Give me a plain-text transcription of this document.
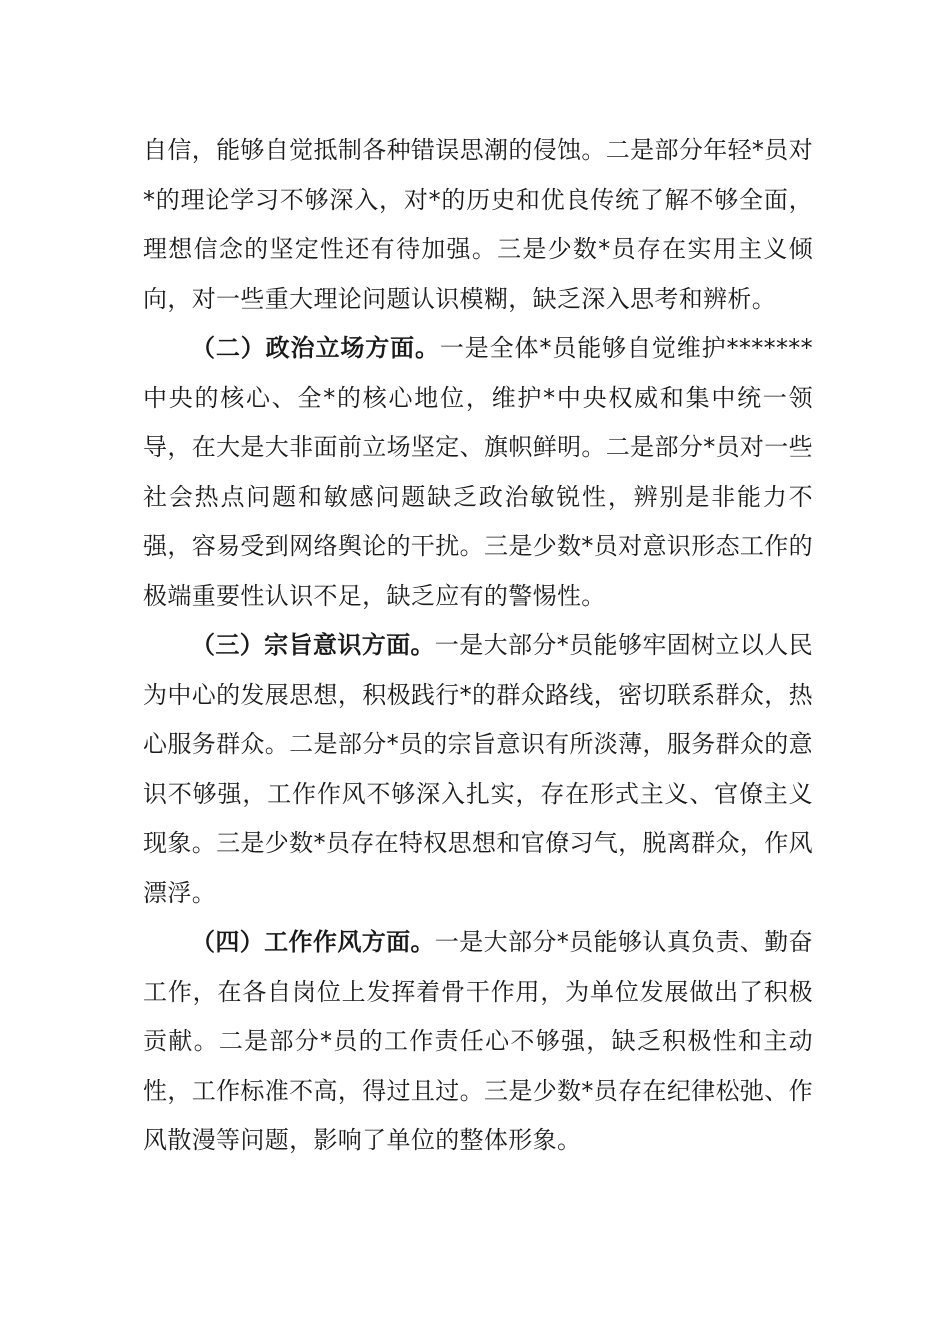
自信，能够自觉抵制各种错误思潮的侵蚀。二是部分年轻*员对*的理论学习不够深入，对*的历史和优良传统了解不够全面，理想信念的坚定性还有待加强。三是少数*员存在实用主义倾向，对一些重大理论问题认识模糊，缺乏深入思考和辨析。

（二）政治立场方面。一是全体*员能够自觉维护*******中央的核心、全*的核心地位，维护*中央权威和集中统一领导，在大是大非面前立场坚定、旗帜鲜明。二是部分*员对一些社会热点问题和敏感问题缺乏政治敏锐性，辨别是非能力不强，容易受到网络舆论的干扰。三是少数*员对意识形态工作的极端重要性认识不足，缺乏应有的警惕性。

（三）宗旨意识方面。一是大部分*员能够牢固树立以人民为中心的发展思想，积极践行*的群众路线，密切联系群众，热心服务群众。二是部分*员的宗旨意识有所淡薄，服务群众的意识不够强，工作作风不够深入扎实，存在形式主义、官僚主义现象。三是少数*员存在特权思想和官僚习气，脱离群众，作风漂浮。

（四）工作作风方面。一是大部分*员能够认真负责、勤奋工作，在各自岗位上发挥着骨干作用，为单位发展做出了积极贡献。二是部分*员的工作责任心不够强，缺乏积极性和主动性，工作标准不高，得过且过。三是少数*员存在纪律松弛、作风散漫等问题，影响了单位的整体形象。
